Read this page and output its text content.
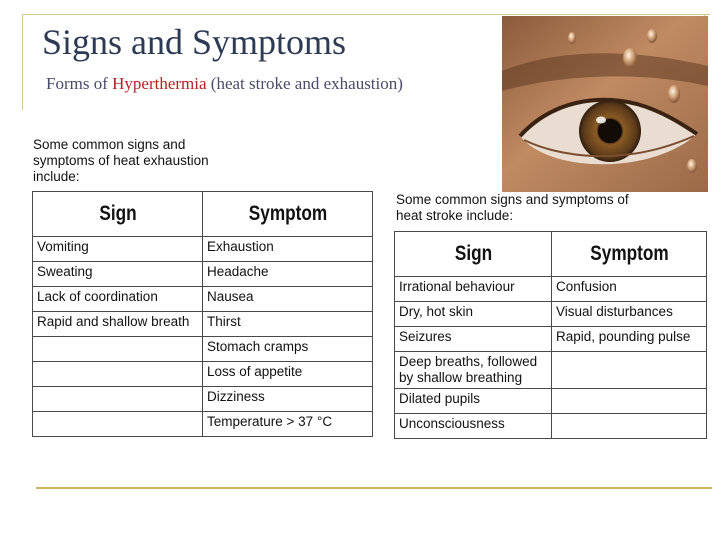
Signs and Symptoms
Forms of Hyperthermia (heat stroke and exhaustion)
Some common signs and symptoms of heat exhaustion include:
Some common signs and symptoms of heat stroke include:
Sign	Symptom
Vomiting	Exhaustion
Sweating	Headache
Lack of coordination	Nausea
Rapid and shallow breath	Thirst
	Stomach cramps
	Loss of appetite
	Dizziness
	Temperature > 37 °C
Sign	Symptom
Irrational behaviour	Confusion
Dry, hot skin	Visual disturbances
Seizures	Rapid, pounding pulse
Deep breaths, followed by shallow breathing	
Dilated pupils	
Unconsciousness	
